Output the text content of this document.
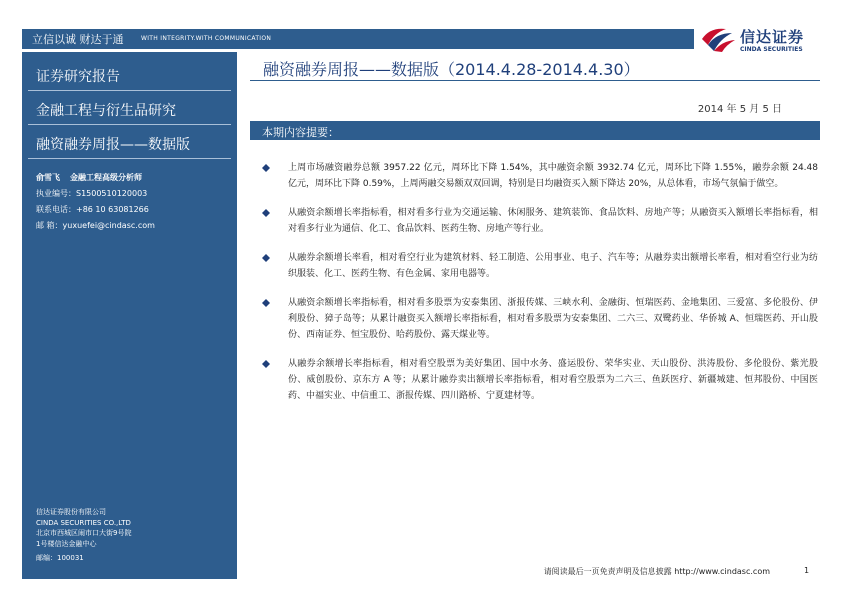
立信以诚 财达于通	WITH INTEGRITY.WITH COMMUNICATION	信达证券
CINDA SECURITIES
证券研究报告
金融工程与衍生品研究
融资融券周报——数据版
俞雪飞 金融工程高级分析师
执业编号：S1500510120003
联系电话：+86 10 63081266
邮 箱：yuxuefei@cindasc.com
信达证券股份有限公司
CINDA SECURITIES CO.,LTD
北京市西城区闹市口大街9号院
1号楼信达金融中心
邮编：100031
融资融券周报——数据版（2014.4.28-2014.4.30）
2014 年 5 月 5 日
本期内容提要：
上周市场融资融券总额 3957.22 亿元，周环比下降 1.54%，其中融资余额 3932.74 亿元，周环比下降 1.55%，融券余额 24.48 亿元，周环比下降 0.59%，上周两融交易额双双回调，特别是日均融资买入额下降达 20%，从总体看，市场气氛偏于做空。
从融资余额增长率指标看，相对看多行业为交通运输、休闲服务、建筑装饰、食品饮料、房地产等；从融资买入额增长率指标看，相对看多行业为通信、化工、食品饮料、医药生物、房地产等行业。
从融券余额增长率看，相对看空行业为建筑材料、轻工制造、公用事业、电子、汽车等；从融券卖出额增长率看，相对看空行业为纺织服装、化工、医药生物、有色金属、家用电器等。
从融资余额增长率指标看，相对看多股票为安泰集团、浙报传媒、三峡水利、金融街、恒瑞医药、金地集团、三爱富、多伦股份、伊利股份、獐子岛等；从累计融资买入额增长率指标看，相对看多股票为安泰集团、二六三、双鹭药业、华侨城 A、恒瑞医药、开山股份、西南证券、恒宝股份、哈药股份、露天煤业等。
从融券余额增长率指标看，相对看空股票为美好集团、国中水务、盛运股份、荣华实业、天山股份、洪涛股份、多伦股份、紫光股份、威创股份、京东方 A 等；从累计融券卖出额增长率指标看，相对看空股票为二六三、鱼跃医疗、新疆城建、恒邦股份、中国医药、中福实业、中信重工、浙报传媒、四川路桥、宁夏建材等。
请阅读最后一页免责声明及信息披露 http://www.cindasc.com	1
